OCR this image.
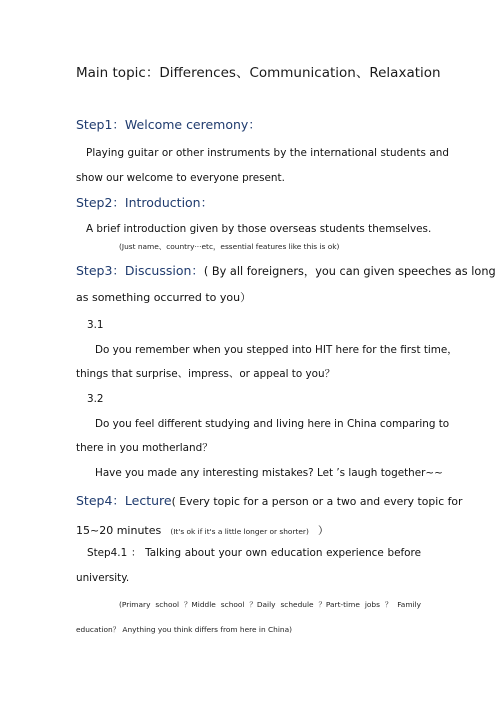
Main topic：Differences、Communication、Relaxation
Step1：Welcome ceremony：
Playing guitar or other instruments by the international students and
show our welcome to everyone present.
Step2：Introduction：
A brief introduction given by those overseas students themselves.
(Just name、country···etc，essential features like this is ok)
Step3：Discussion：( By all foreigners，you can given speeches as long
as something occurred to you）
3.1
Do you remember when you stepped into HIT here for the first time，
things that surprise、impress、or appeal to you？
3.2
Do you feel different studying and living here in China comparing to
there in you motherland？
Have you made any interesting mistakes? Let ’s laugh together~~
Step4：Lecture( Every topic for a person or a two and every topic for
15~20 minutes (It's ok if it's a little longer or shorter) ）
Step4.1 ： Talking about your own education experience before
university.
(Primary school ？Middle school ？Daily schedule ？Part-time jobs ？ Family
education？ Anything you think differs from here in China)
